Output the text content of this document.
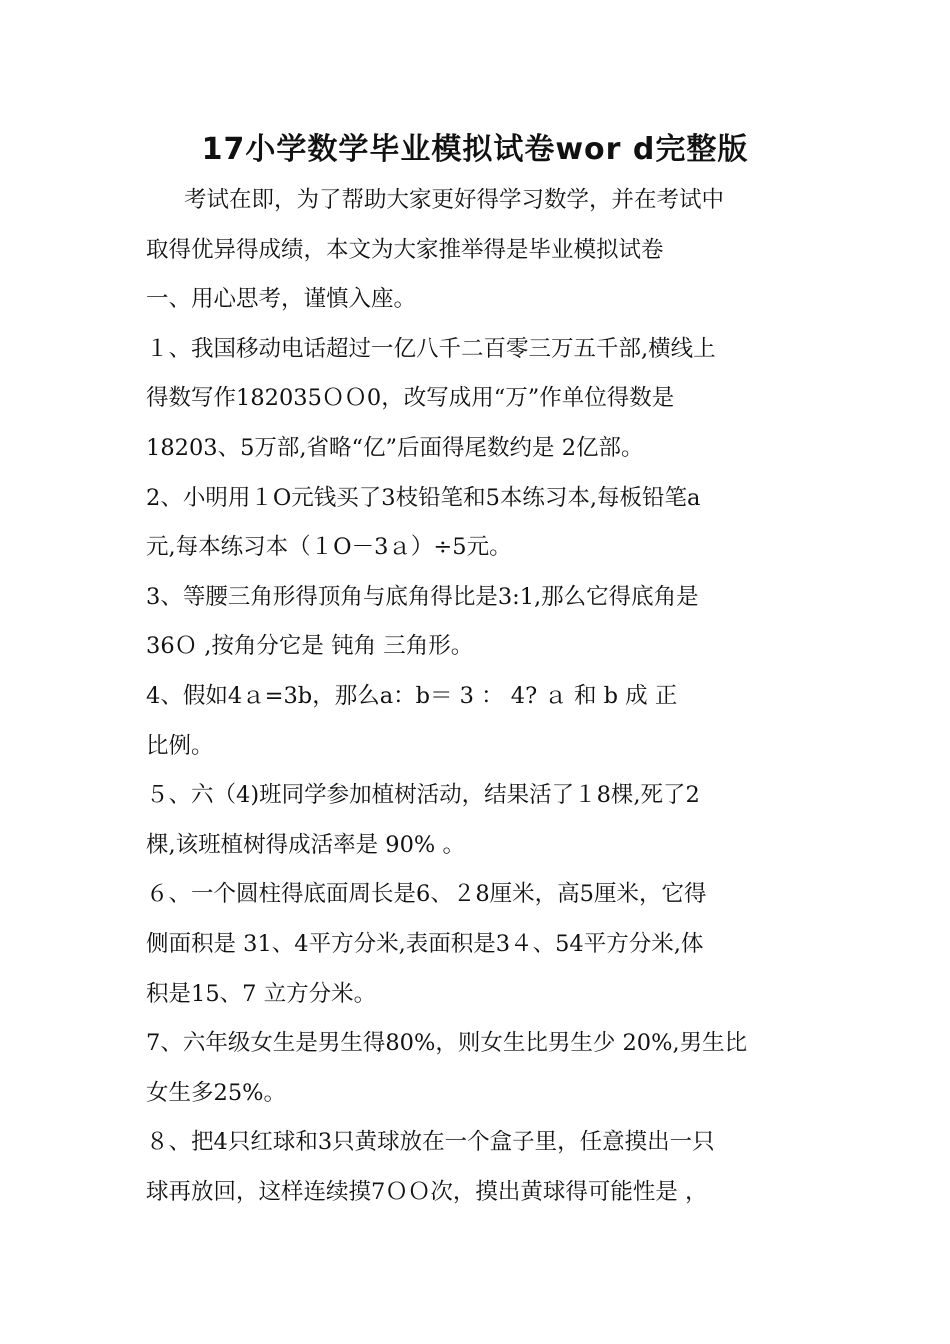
17小学数学毕业模拟试卷wor d完整版
考试在即，为了帮助大家更好得学习数学，并在考试中
取得优异得成绩，本文为大家推举得是毕业模拟试卷
一、用心思考，谨慎入座。
１、我国移动电话超过一亿八千二百零三万五千部,横线上
得数写作182035ＯＯ0，改写成用“万”作单位得数是
18203、5万部,省略“亿”后面得尾数约是 2亿部。
2、小明用１O元钱买了3枝铅笔和5本练习本,每板铅笔a
元,每本练习本（１O－3ａ）÷5元。
3、等腰三角形得顶角与底角得比是3:1,那么它得底角是
36Ｏ ,按角分它是 钝角 三角形。
4、假如4ａ=3b，那么a：b＝ 3 ： 4? ａ 和 b 成 正
比例。
５、六（4)班同学参加植树活动，结果活了１8棵,死了2
棵,该班植树得成活率是 90% 。
６、一个圆柱得底面周长是6、２8厘米，高5厘米，它得
侧面积是 31、4平方分米,表面积是3４、54平方分米,体
积是15、7 立方分米。
7、六年级女生是男生得80%，则女生比男生少 20%,男生比
女生多25%。
８、把4只红球和3只黄球放在一个盒子里，任意摸出一只
球再放回，这样连续摸7ＯＯ次，摸出黄球得可能性是 ，
